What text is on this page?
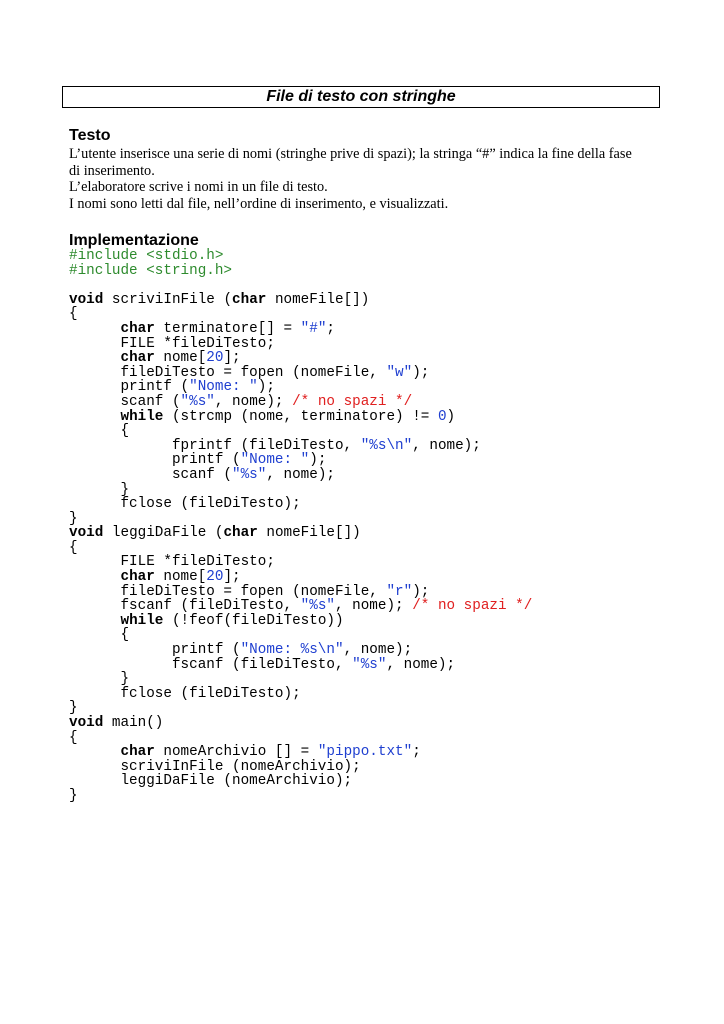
File di testo con stringhe
Testo
L’utente inserisce una serie di nomi (stringhe prive di spazi); la stringa “#” indica la fine della fase
di inserimento.
L’elaboratore scrive i nomi in un file di testo.
I nomi sono letti dal file, nell’ordine di inserimento, e visualizzati.
Implementazione
#include <stdio.h>
#include <string.h>
void scriviInFile (char nomeFile[])
{
char terminatore[] = "#";
FILE *fileDiTesto;
char nome[20];
fileDiTesto = fopen (nomeFile, "w");
printf ("Nome: ");
scanf ("%s", nome); /* no spazi */
while (strcmp (nome, terminatore) != 0)
{
fprintf (fileDiTesto, "%s\n", nome);
printf ("Nome: ");
scanf ("%s", nome);
}
fclose (fileDiTesto);
}
void leggiDaFile (char nomeFile[])
{
FILE *fileDiTesto;
char nome[20];
fileDiTesto = fopen (nomeFile, "r");
fscanf (fileDiTesto, "%s", nome); /* no spazi */
while (!feof(fileDiTesto))
{
printf ("Nome: %s\n", nome);
fscanf (fileDiTesto, "%s", nome);
}
fclose (fileDiTesto);
}
void main()
{
char nomeArchivio [] = "pippo.txt";
scriviInFile (nomeArchivio);
leggiDaFile (nomeArchivio);
}
